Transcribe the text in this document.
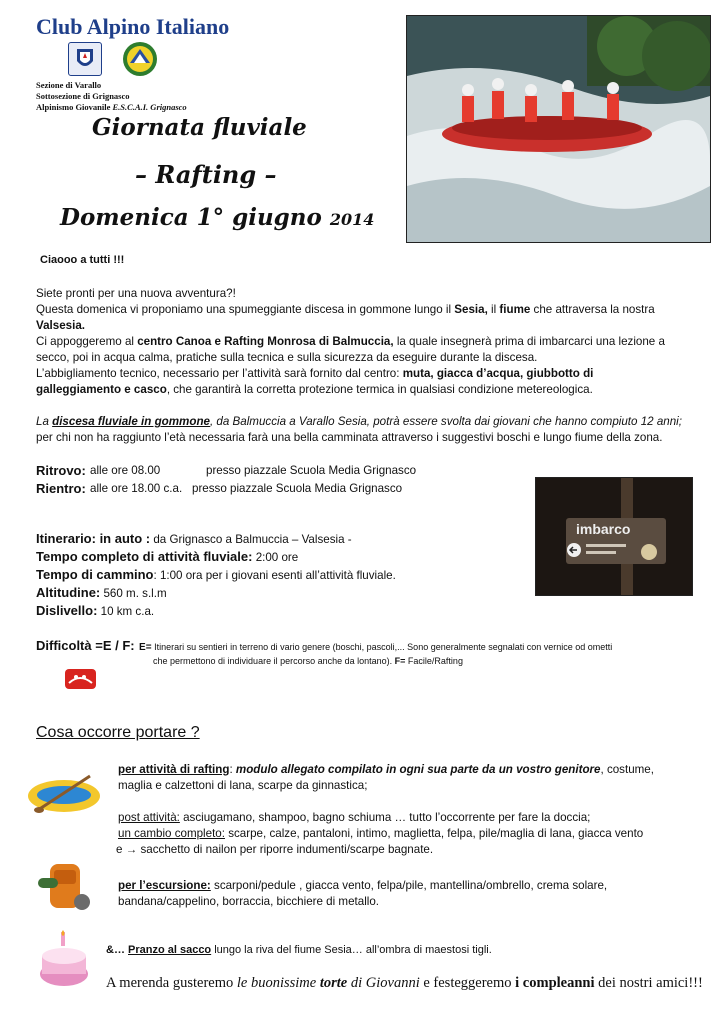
Club Alpino Italiano
Sezione di Varallo
Sottosezione di Grignasco
Alpinismo Giovanile E.S.C.A.I. Grignasco
Giornata fluviale
– Rafting –
Domenica 1° giugno 2014
Ciaooo a tutti !!!
Siete pronti per una nuova avventura?!
Questa domenica vi proponiamo una spumeggiante discesa in gommone lungo il Sesia, il fiume che attraversa la nostra
Valsesia.
Ci appoggeremo al centro Canoa e Rafting Monrosa di Balmuccia, la quale insegnerà prima di imbarcarci una lezione a
secco, poi in acqua calma, pratiche sulla tecnica e sulla sicurezza da eseguire durante la discesa.
L’abbigliamento tecnico, necessario per l’attività sarà fornito dal centro: muta, giacca d’acqua, giubbotto di
galleggiamento e casco, che garantirà la corretta protezione termica in qualsiasi condizione metereologica.
La discesa fluviale in gommone, da Balmuccia a Varallo Sesia, potrà essere svolta dai giovani che hanno compiuto 12 anni;
per chi non ha raggiunto l’età necessaria farà una bella camminata attraverso i suggestivi boschi e lungo fiume della zona.
Ritrovo: alle ore 08.00	presso piazzale Scuola Media Grignasco
Rientro: alle ore 18.00 c.a. presso piazzale Scuola Media Grignasco
imbarco
Itinerario: in auto : da Grignasco a Balmuccia – Valsesia -
Tempo completo di attività fluviale: 2:00 ore
Tempo di cammino: 1:00 ora per i giovani esenti all’attività fluviale.
Altitudine: 560 m. s.l.m
Dislivello: 10 km c.a.
Difficoltà =E / F: E= Itinerari su sentieri in terreno di vario genere (boschi, pascoli,... Sono generalmente segnalati con vernice od ometti
che permettono di individuare il percorso anche da lontano). F= Facile/Rafting
Cosa occorre portare ?
per attività di rafting: modulo allegato compilato in ogni sua parte da un vostro genitore, costume,
maglia e calzettoni di lana, scarpe da ginnastica;
post attività: asciugamano, shampoo, bagno schiuma … tutto l’occorrente per fare la doccia;
un cambio completo: scarpe, calze, pantaloni, intimo, maglietta, felpa, pile/maglia di lana, giacca vento
e → sacchetto di nailon per riporre indumenti/scarpe bagnate.
per l’escursione: scarponi/pedule , giacca vento, felpa/pile, mantellina/ombrello, crema solare,
bandana/cappelino, borraccia, bicchiere di metallo.
&… Pranzo al sacco lungo la riva del fiume Sesia… all’ombra di maestosi tigli.
A merenda gusteremo le buonissime torte di Giovanni e festeggeremo i compleanni dei nostri amici!!!
